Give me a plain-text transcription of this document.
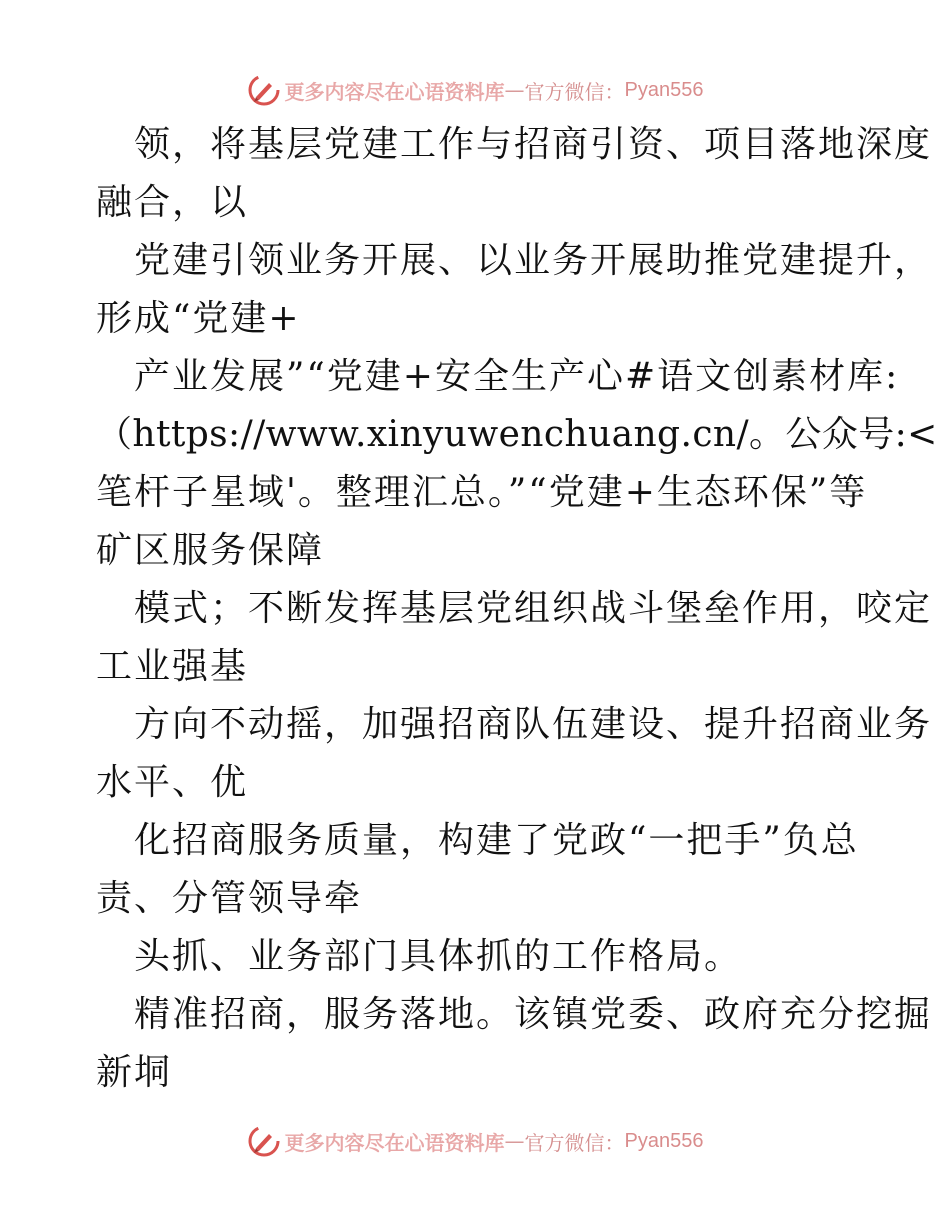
更多内容尽在心语资料库 — 官方微信： Pyan556
领，将基层党建工作与招商引资、项目落地深度
融合，以
党建引领业务开展、以业务开展助推党建提升，
形成“党建+
产业发展”“党建+安全生产心#语文创素材库:
（https://www.xinyuwenchuang.cn/。公众号:<
笔杆子星域'。整理汇总。”“党建+生态环保”等
矿区服务保障
模式；不断发挥基层党组织战斗堡垒作用，咬定
工业强基
方向不动摇，加强招商队伍建设、提升招商业务
水平、优
化招商服务质量，构建了党政“一把手”负总
责、分管领导牵
头抓、业务部门具体抓的工作格局。
精准招商，服务落地。该镇党委、政府充分挖掘
新垌
更多内容尽在心语资料库 — 官方微信： Pyan556
